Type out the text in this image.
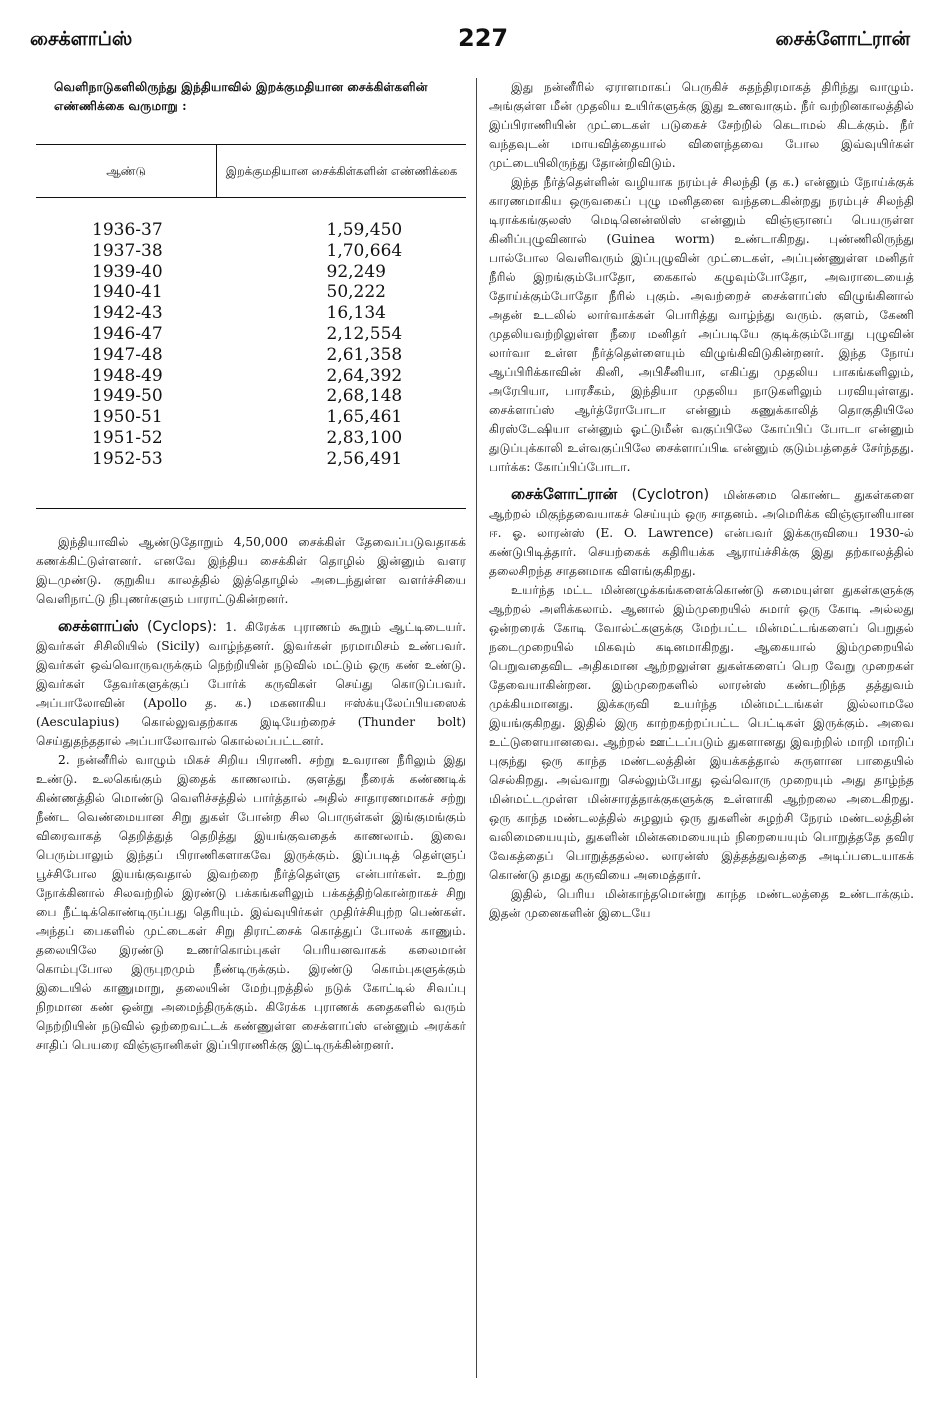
சைக்ளாப்ஸ்	227	சைக்ளோட்ரான்

வெளிநாடுகளிலிருந்து இந்தியாவில் இறக்குமதியான சைக்கிள்களின் எண்ணிக்கை வருமாறு :

ஆண்டு	இறக்குமதியான சைக்கிள்களின் எண்ணிக்கை
1936-37	1,59,450
1937-38	1,70,664
1939-40	92,249
1940-41	50,222
1942-43	16,134
1946-47	2,12,554
1947-48	2,61,358
1948-49	2,64,392
1949-50	2,68,148
1950-51	1,65,461
1951-52	2,83,100
1952-53	2,56,491

இந்தியாவில் ஆண்டுதோறும் 4,50,000 சைக்கிள் தேவைப்படுவதாகக் கணக்கிட்டுள்ளனர். எனவே இந்திய சைக்கிள் தொழில் இன்னும் வளர இடமுண்டு. குறுகிய காலத்தில் இத்தொழில் அடைந்துள்ள வளர்ச்சியை வெளிநாட்டு நிபுணர்களும் பாராட்டுகின்றனர்.

சைக்ளாப்ஸ் (Cyclops): 1. கிரேக்க புராணம் கூறும் ஆட்டிடையர். இவர்கள் சிசிலியில் (Sicily) வாழ்ந்தனர். இவர்கள் நரமாமிசம் உண்பவர். இவர்கள் ஒவ்வொருவருக்கும் நெற்றியின் நடுவில் மட்டும் ஒரு கண் உண்டு. இவர்கள் தேவர்களுக்குப் போர்க் கருவிகள் செய்து கொடுப்பவர். அப்பாலோவின் (Apollo த. க.) மகனாகிய ஈஸ்க்யுலேப்பியஸைக் (Aesculapius) கொல்லுவதற்காக இடியேற்றைச் (Thunder bolt) செய்துதந்ததால் அப்பாலோவால் கொல்லப்பட்டனர்.

2. நன்னீரில் வாழும் மிகச் சிறிய பிராணி. சற்று உவரான நீரிலும் இது உண்டு. உலகெங்கும் இதைக் காணலாம். குளத்து நீரைக் கண்ணடிக் கிண்ணத்தில் மொண்டு வெளிச்சத்தில் பார்த்தால் அதில் சாதாரணமாகச் சற்று நீண்ட வெண்மையான சிறு துகள் போன்ற சில பொருள்கள் இங்குமங்கும் விரைவாகத் தெறித்துத் தெறித்து இயங்குவதைக் காணலாம். இவை பெரும்பாலும் இந்தப் பிராணிகளாகவே இருக்கும். இப்படித் தெள்ளுப் பூச்சிபோல இயங்குவதால் இவற்றை நீர்த்தெள்ளு என்பார்கள். உற்று நோக்கினால் சிலவற்றில் இரண்டு பக்கங்களிலும் பக்கத்திற்கொன்றாகச் சிறு பை நீட்டிக்கொண்டிருப்பது தெரியும். இவ்வுயிர்கள் முதிர்ச்சியுற்ற பெண்கள். அந்தப் பைகளில் முட்டைகள் சிறு திராட்சைக் கொத்துப் போலக் காணும். தலையிலே இரண்டு உணர்கொம்புகள் பெரியனவாகக் கலைமான் கொம்புபோல இருபுறமும் நீண்டிருக்கும். இரண்டு கொம்புகளுக்கும் இடையில் காணுமாறு, தலையின் மேற்புறத்தில் நடுக் கோட்டில் சிவப்பு நிறமான கண் ஒன்று அமைந்திருக்கும். கிரேக்க புராணக் கதைகளில் வரும் நெற்றியின் நடுவில் ஒற்றைவட்டக் கண்ணுள்ள சைக்ளாப்ஸ் என்னும் அரக்கர் சாதிப் பெயரை விஞ்ஞானிகள் இப்பிராணிக்கு இட்டிருக்கின்றனர்.

இது நன்னீரில் ஏராளமாகப் பெருகிச் சுதந்திரமாகத் திரிந்து வாழும். அங்குள்ள மீன் முதலிய உயிர்களுக்கு இது உணவாகும். நீர் வற்றினகாலத்தில் இப்பிராணியின் முட்டைகள் படுகைச் சேற்றில் கெடாமல் கிடக்கும். நீர் வந்தவுடன் மாயவித்தையால் விளைந்தவை போல இவ்வுயிர்கள் முட்டையிலிருந்து தோன்றிவிடும்.

இந்த நீர்த்தெள்ளின் வழியாக நரம்புச் சிலந்தி (த க.) என்னும் நோய்க்குக் காரணமாகிய ஒருவகைப் புழு மனிதனை வந்தடைகின்றது நரம்புச் சிலந்தி டிராக்கங்குலஸ் மெடினென்ஸிஸ் என்னும் விஞ்ஞானப் பெயருள்ள கினிப்புழுவினால் (Guinea worm) உண்டாகிறது. புண்ணிலிருந்து பால்போல வெளிவரும் இப்புழுவின் முட்டைகள், அப்புண்ணுள்ள மனிதர் நீரில் இறங்கும்போதோ, கைகால் கழுவும்போதோ, அவராடையைத் தோய்க்கும்போதோ நீரில் புகும். அவற்றைச் சைக்ளாப்ஸ் விழுங்கினால் அதன் உடலில் லார்வாக்கள் பொரித்து வாழ்ந்து வரும். குளம், கேணி முதலியவற்றிலுள்ள நீரை மனிதர் அப்படியே குடிக்கும்போது புழுவின் லார்வா உள்ள நீர்த்தெள்ளையும் விழுங்கிவிடுகின்றனர். இந்த நோய் ஆப்பிரிக்காவின் கினி, அபிசீனியா, எகிப்து முதலிய பாகங்களிலும், அரேபியா, பாரசீகம், இந்தியா முதலிய நாடுகளிலும் பரவியுள்ளது. சைக்ளாப்ஸ் ஆர்த்ரோபோடா என்னும் கணுக்காலித் தொகுதியிலே கிரஸ்டேஷியா என்னும் ஓட்டுமீன் வகுப்பிலே கோப்பிப் போடா என்னும் துடுப்புக்காலி உள்வகுப்பிலே சைக்ளாப்பிடீ என்னும் குடும்பத்தைச் சேர்ந்தது. பார்க்க: கோப்பிப்போடா.

சைக்ளோட்ரான் (Cyclotron) மின்சுமை கொண்ட துகள்களை ஆற்றல் மிகுந்தவையாகச் செய்யும் ஒரு சாதனம். அமெரிக்க விஞ்ஞானியான ஈ. ஓ. லாரன்ஸ் (E. O. Lawrence) என்பவர் இக்கருவியை 1930-ல் கண்டுபிடித்தார். செயற்கைக் கதிரியக்க ஆராய்ச்சிக்கு இது தற்காலத்தில் தலைசிறந்த சாதனமாக விளங்குகிறது.

உயர்ந்த மட்ட மின்னழுக்கங்களைக்கொண்டு சுமையுள்ள துகள்களுக்கு ஆற்றல் அளிக்கலாம். ஆனால் இம்முறையில் சுமார் ஒரு கோடி அல்லது ஒன்றரைக் கோடி வோல்ட்களுக்கு மேற்பட்ட மின்மட்டங்களைப் பெறுதல் நடைமுறையில் மிகவும் கடினமாகிறது. ஆகையால் இம்முறையில் பெறுவதைவிட அதிகமான ஆற்றலுள்ள துகள்களைப் பெற வேறு முறைகள் தேவையாகின்றன. இம்முறைகளில் லாரன்ஸ் கண்டறிந்த தத்துவம் முக்கியமானது. இக்கருவி உயர்ந்த மின்மட்டங்கள் இல்லாமலே இயங்குகிறது. இதில் இரு காற்றகற்றப்பட்ட பெட்டிகள் இருக்கும். அவை உட்டுளையானவை. ஆற்றல் ஊட்டப்படும் துகளானது இவற்றில் மாறி மாறிப் புகுந்து ஒரு காந்த மண்டலத்தின் இயக்கத்தால் சுருளான பாதையில் செல்கிறது. அவ்வாறு செல்லும்போது ஒவ்வொரு முறையும் அது தாழ்ந்த மின்மட்டமுள்ள மின்சாரத்தாக்குகளுக்கு உள்ளாகி ஆற்றலை அடைகிறது. ஒரு காந்த மண்டலத்தில் சுழலும் ஒரு துகளின் சுழற்சி நேரம் மண்டலத்தின் வலிமையையும், துகளின் மின்சுமையையும் நிறையையும் பொறுத்ததே தவிர வேகத்தைப் பொறுத்ததல்ல. லாரன்ஸ் இத்தத்துவத்தை அடிப்படையாகக் கொண்டு தமது கருவியை அமைத்தார்.

இதில், பெரிய மின்காந்தமொன்று காந்த மண்டலத்தை உண்டாக்கும். இதன் முனைகளின் இடையே
